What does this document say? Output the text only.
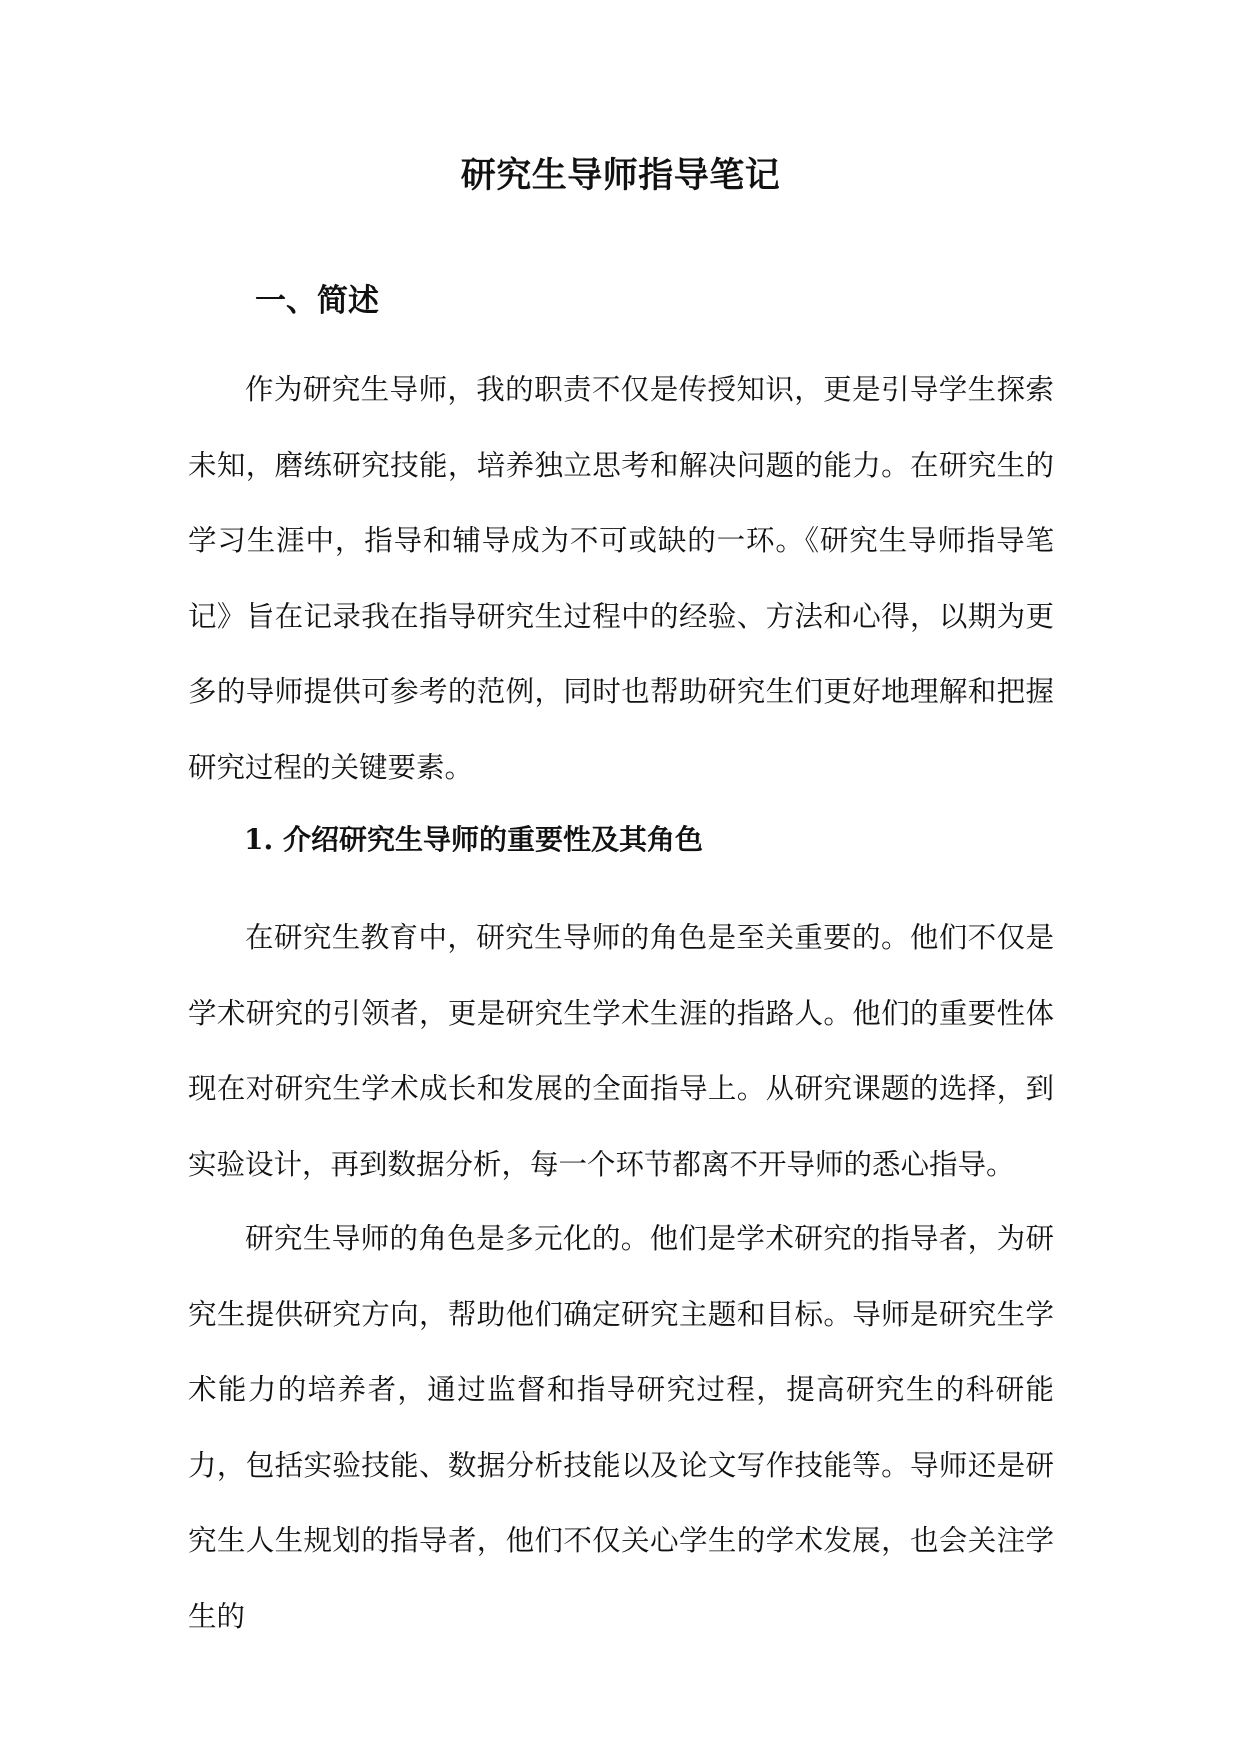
研究生导师指导笔记
一、简述

作为研究生导师，我的职责不仅是传授知识，更是引导学生探索未知，磨练研究技能，培养独立思考和解决问题的能力。在研究生的学习生涯中，指导和辅导成为不可或缺的一环。《研究生导师指导笔记》旨在记录我在指导研究生过程中的经验、方法和心得，以期为更多的导师提供可参考的范例，同时也帮助研究生们更好地理解和把握研究过程的关键要素。

1. 介绍研究生导师的重要性及其角色

在研究生教育中，研究生导师的角色是至关重要的。他们不仅是学术研究的引领者，更是研究生学术生涯的指路人。他们的重要性体现在对研究生学术成长和发展的全面指导上。从研究课题的选择，到实验设计，再到数据分析，每一个环节都离不开导师的悉心指导。

研究生导师的角色是多元化的。他们是学术研究的指导者，为研究生提供研究方向，帮助他们确定研究主题和目标。导师是研究生学术能力的培养者，通过监督和指导研究过程，提高研究生的科研能力，包括实验技能、数据分析技能以及论文写作技能等。导师还是研究生人生规划的指导者，他们不仅关心学生的学术发展，也会关注学生的
